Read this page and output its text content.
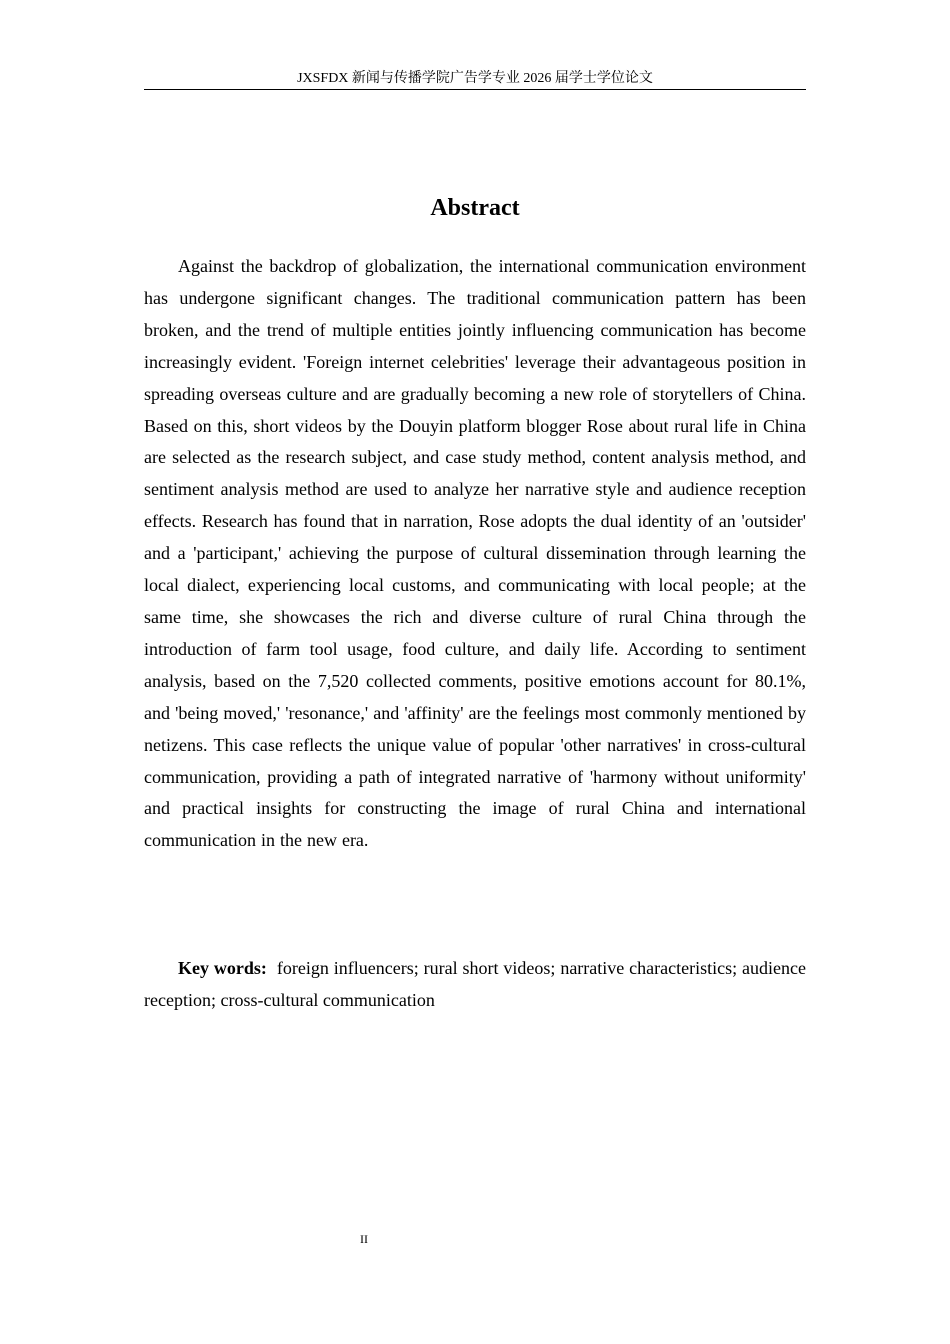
JXSFDX 新闻与传播学院广告学专业 2026 届学士学位论文
Abstract

Against the backdrop of globalization, the international communication environment has undergone significant changes. The traditional communication pattern has been broken, and the trend of multiple entities jointly influencing communication has become increasingly evident. 'Foreign internet celebrities' leverage their advantageous position in spreading overseas culture and are gradually becoming a new role of storytellers of China. Based on this, short videos by the Douyin platform blogger Rose about rural life in China are selected as the research subject, and case study method, content analysis method, and sentiment analysis method are used to analyze her narrative style and audience reception effects. Research has found that in narration, Rose adopts the dual identity of an 'outsider' and a 'participant,' achieving the purpose of cultural dissemination through learning the local dialect, experiencing local customs, and communicating with local people; at the same time, she showcases the rich and diverse culture of rural China through the introduction of farm tool usage, food culture, and daily life. According to sentiment analysis, based on the 7,520 collected comments, positive emotions account for 80.1%, and 'being moved,' 'resonance,' and 'affinity' are the feelings most commonly mentioned by netizens. This case reflects the unique value of popular 'other narratives' in cross-cultural communication, providing a path of integrated narrative of 'harmony without uniformity' and practical insights for constructing the image of rural China and international communication in the new era.

Key words: foreign influencers; rural short videos; narrative characteristics; audience reception; cross-cultural communication

II
